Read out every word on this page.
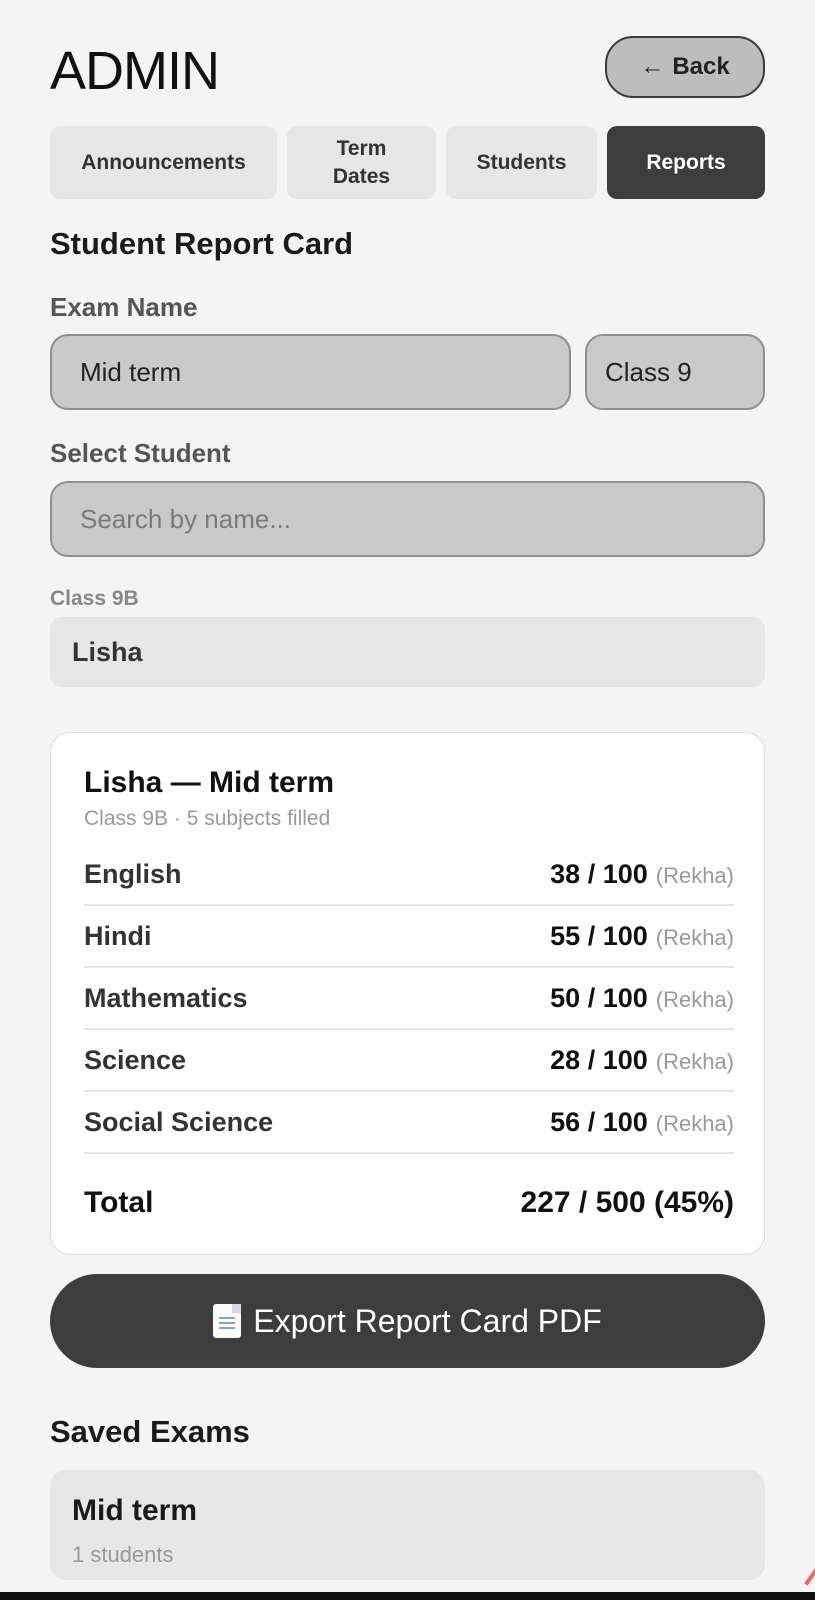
ADMIN	← Back
Announcements
Term Dates
Students	Reports
Student Report Card
Exam Name
Mid term	Class 9
Select Student
Search by name...
Class 9B
Lisha
Lisha — Mid term
Class 9B · 5 subjects filled
English	38 / 100 (Rekha)
Hindi	55 / 100 (Rekha)
Mathematics	50 / 100 (Rekha)
Science	28 / 100 (Rekha)
Social Science	56 / 100 (Rekha)
Total	227 / 500 (45%)
Export Report Card PDF
Saved Exams
Mid term
1 students
